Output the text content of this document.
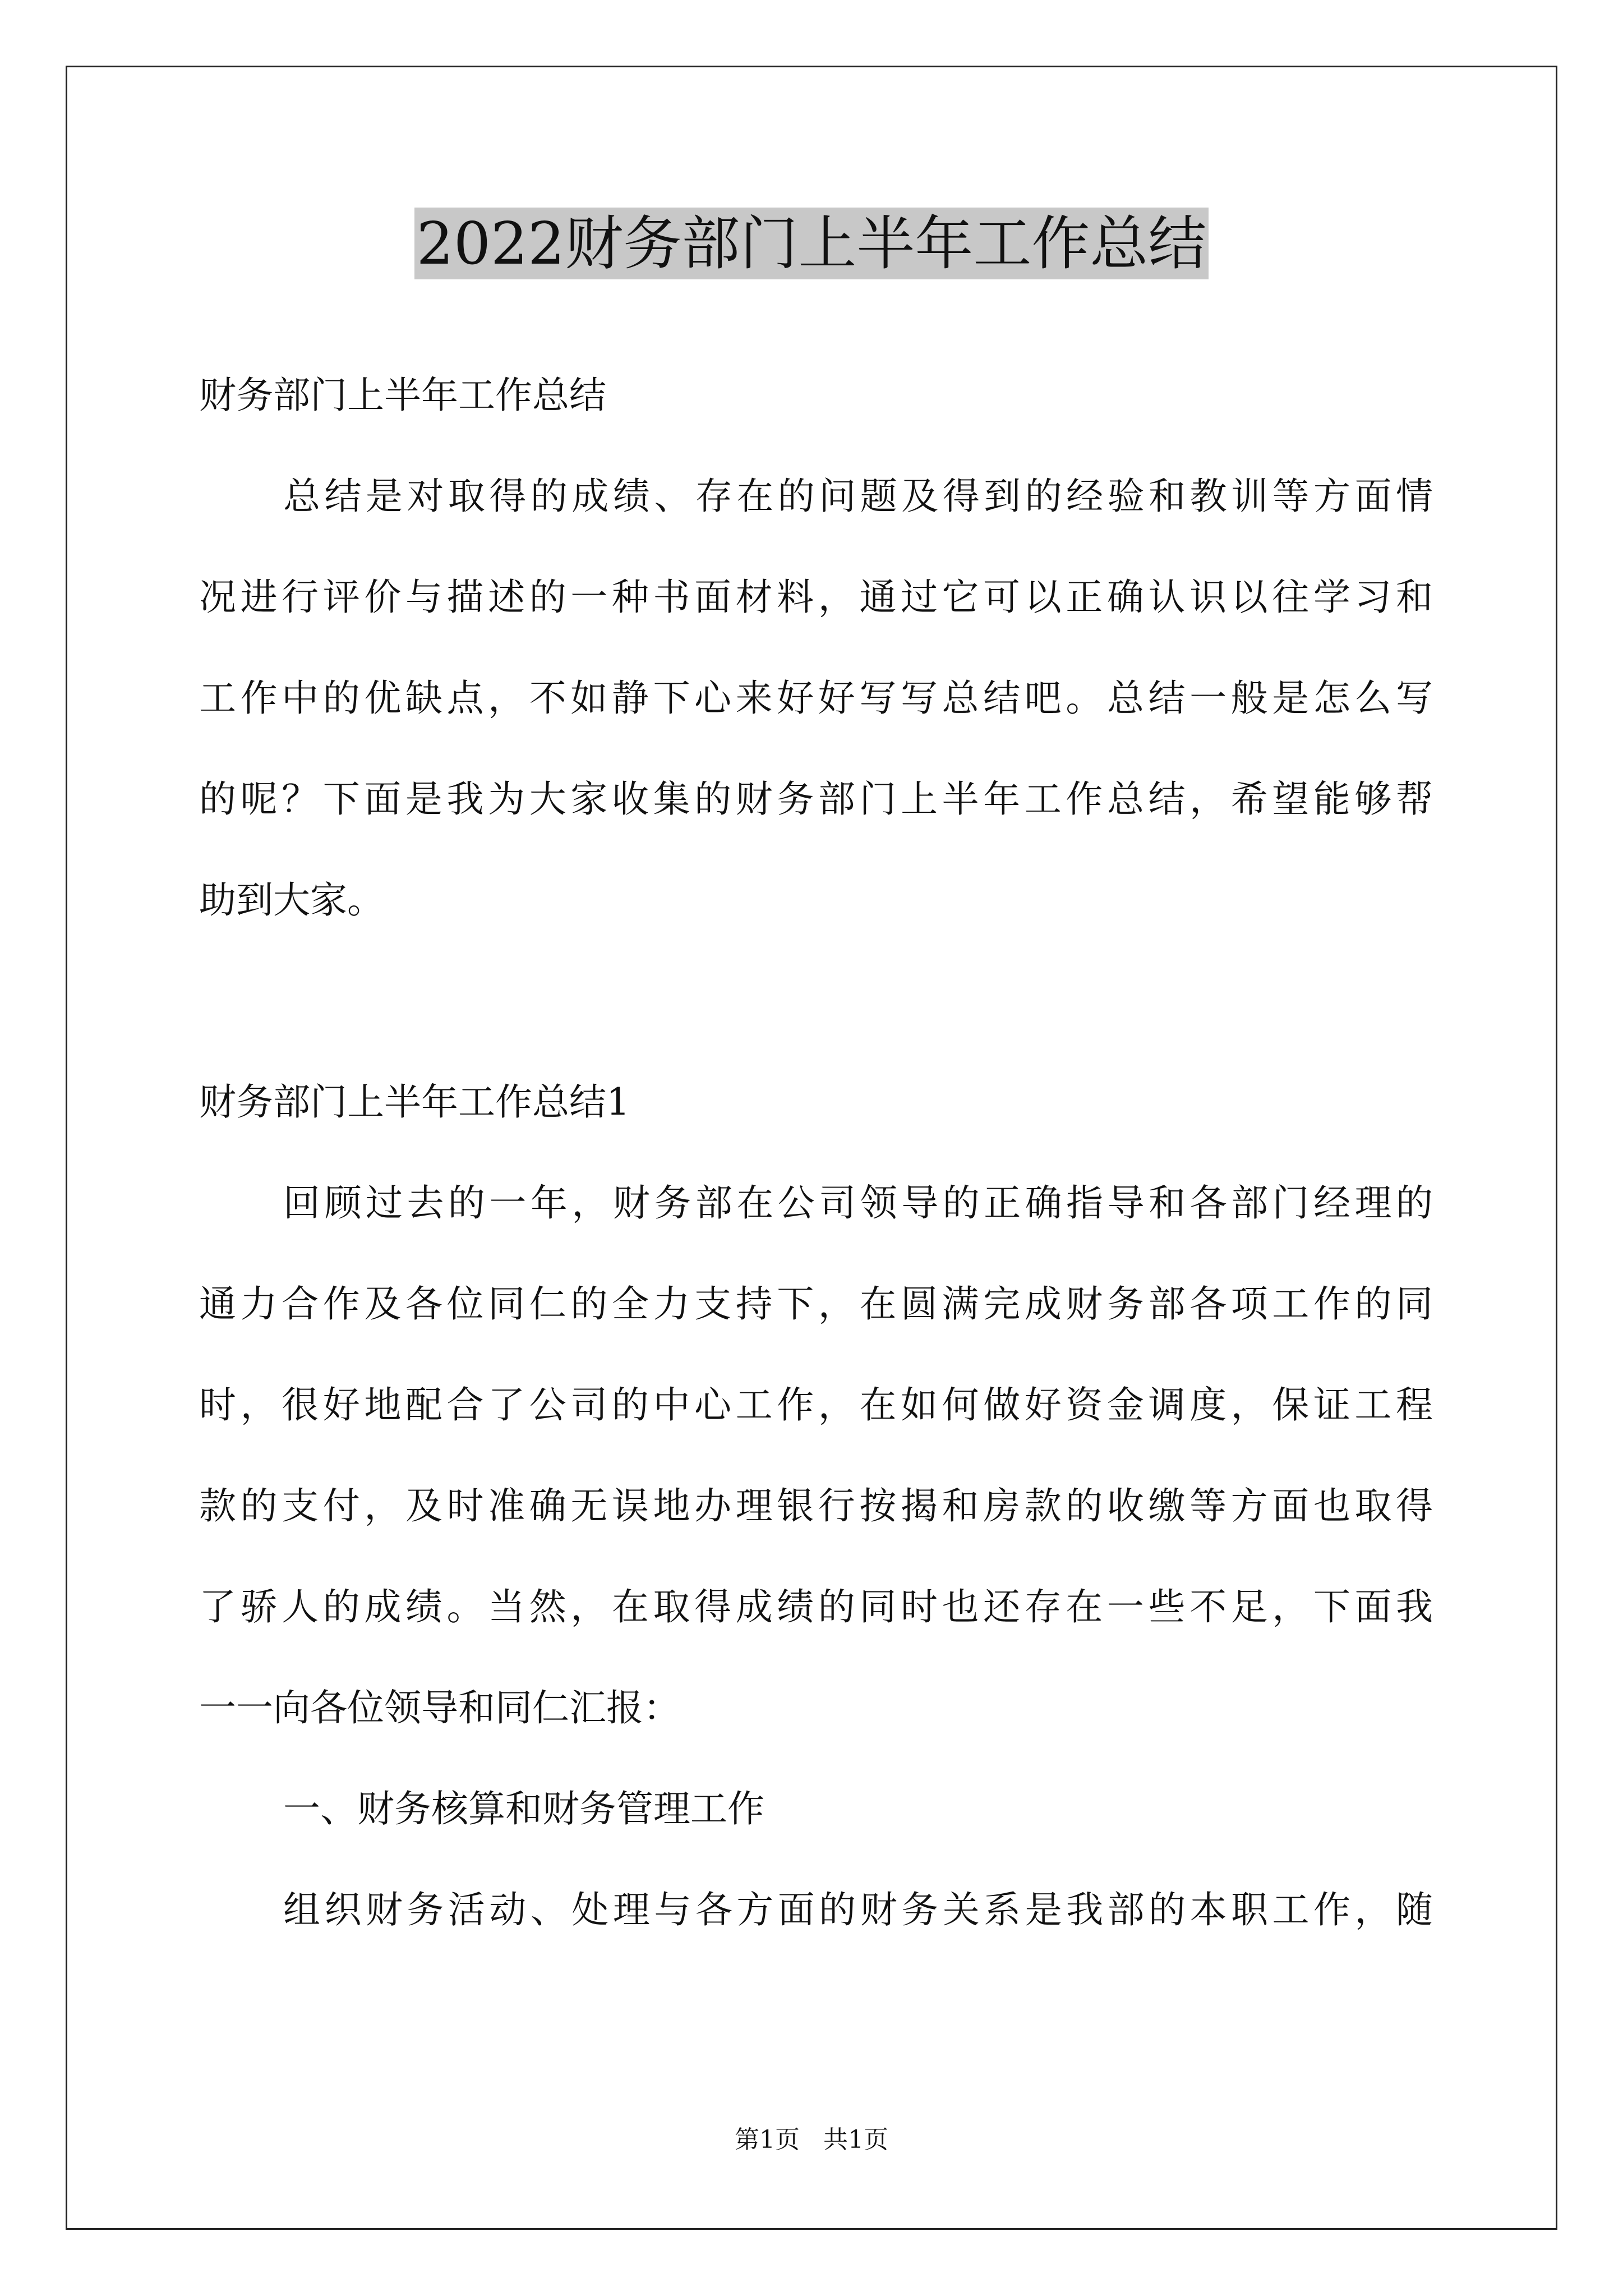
2022财务部门上半年工作总结
财务部门上半年工作总结
总结是对取得的成绩、存在的问题及得到的经验和教训等方面情
况进行评价与描述的一种书面材料，通过它可以正确认识以往学习和
工作中的优缺点，不如静下心来好好写写总结吧。总结一般是怎么写
的呢？下面是我为大家收集的财务部门上半年工作总结，希望能够帮
助到大家。
财务部门上半年工作总结1
回顾过去的一年，财务部在公司领导的正确指导和各部门经理的
通力合作及各位同仁的全力支持下，在圆满完成财务部各项工作的同
时，很好地配合了公司的中心工作，在如何做好资金调度，保证工程
款的支付，及时准确无误地办理银行按揭和房款的收缴等方面也取得
了骄人的成绩。当然，在取得成绩的同时也还存在一些不足，下面我
一一向各位领导和同仁汇报：
一、财务核算和财务管理工作
组织财务活动、处理与各方面的财务关系是我部的本职工作，随
第1页 共1页
